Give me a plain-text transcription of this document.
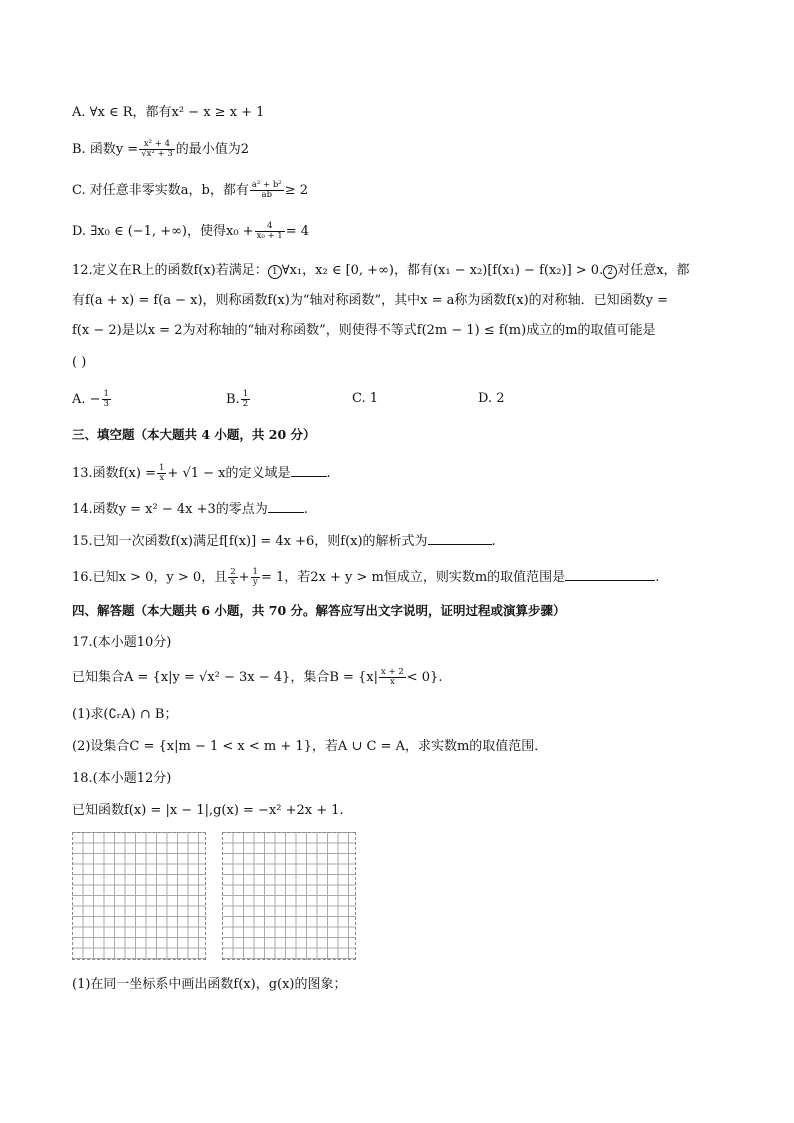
A. ∀x ∈ R，都有x² − x ≥ x + 1
B. 函数$y = \frac{\text{x² + 4}}{\text{√x² + 3}}$ 的最小值为2
C. 对任意非零实数a，b，都有 $\frac{\text{a² + b²}}{ab} \ge 2$
D. ∃x₀ ∈ (−1, +∞)，使得$x_0 + \frac{4}{\text{x₀ + 1}} = 4$
12.定义在R上的函数f(x)若满足： 1 ∀x₁，x₂ ∈ [0, +∞)，都有(x₁ − x₂)[f(x₁) − f(x₂)] > 0. 2 对任意x，都
有f(a + x) = f(a − x)，则称函数f(x)为“轴对称函数”，其中x = a称为函数f(x)的对称轴．已知函数y =
f(x − 2)是以x = 2为对称轴的“轴对称函数”，则使得不等式f(2m − 1) ≤ f(m)成立的m的取值可能是
( )
A. − $\frac{1}{3}$	B. $\frac{1}{2}$	C. 1	D. 2
三、填空题（本大题共 4 小题，共 20 分）
13.函数$f(x) = \frac{1}{x} + √1 - x$的定义域是	.
14.函数y = x² − 4x +3的零点为	.
15.已知一次函数f(x)满足f[f(x)] = 4x +6，则f(x)的解析式为	.
16.已知x > 0，y > 0，且 $\frac{2}{x} + \frac{1}{y} = 1$，若2x + y > m恒成立，则实数m的取值范围是	.
四、解答题（本大题共 6 小题，共 70 分。解答应写出文字说明，证明过程或演算步骤）
17.(本小题10分)
已知集合A = {x|y = √x² − 3x − 4}，集合$B = \{x| \frac{x + 2}{x} < 0\}$.
(1)求(∁ᵣA) ∩ B；
(2)设集合C = {x|m − 1 < x < m + 1}，若A ∪ C = A，求实数m的取值范围．
18.(本小题12分)
已知函数f(x) = |x − 1|,g(x) = −x² +2x + 1.
(1)在同一坐标系中画出函数f(x)，g(x)的图象；
